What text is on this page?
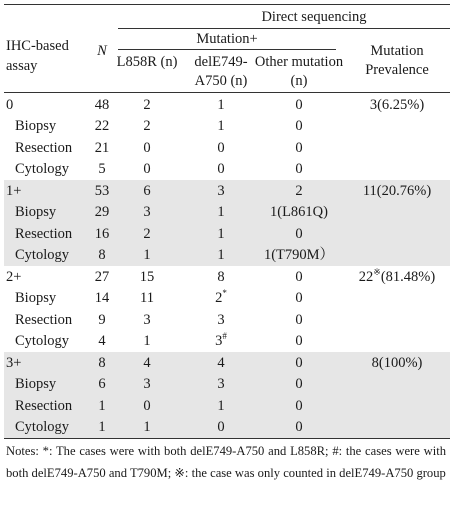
Direct sequencing
IHC-based assay
N
Mutation+
L858R (n)	delE749-A750 (n)
Other mutation (n)
Mutation Prevalence
0	48	2	1	0	3(6.25%)
Biopsy	22	2	1	0
Resection	21	0	0	0
Cytology	5	0	0	0
1+	53	6	3	2	11(20.76%)
Biopsy	29	3	1	1(L861Q)
Resection	16	2	1	0
Cytology	8	1	1	1(T790M）
2+	27	15	8	0	22※(81.48%)
Biopsy	14	11	2*	0
Resection	9	3	3	0
Cytology	4	1	3#	0
3+	8	4	4	0	8(100%)
Biopsy	6	3	3	0
Resection	1	0	1	0
Cytology	1	1	0	0
Notes: *: The cases were with both delE749-A750 and L858R; #: the cases were with both delE749-A750 and T790M; ※: the case was only counted in delE749-A750 group
